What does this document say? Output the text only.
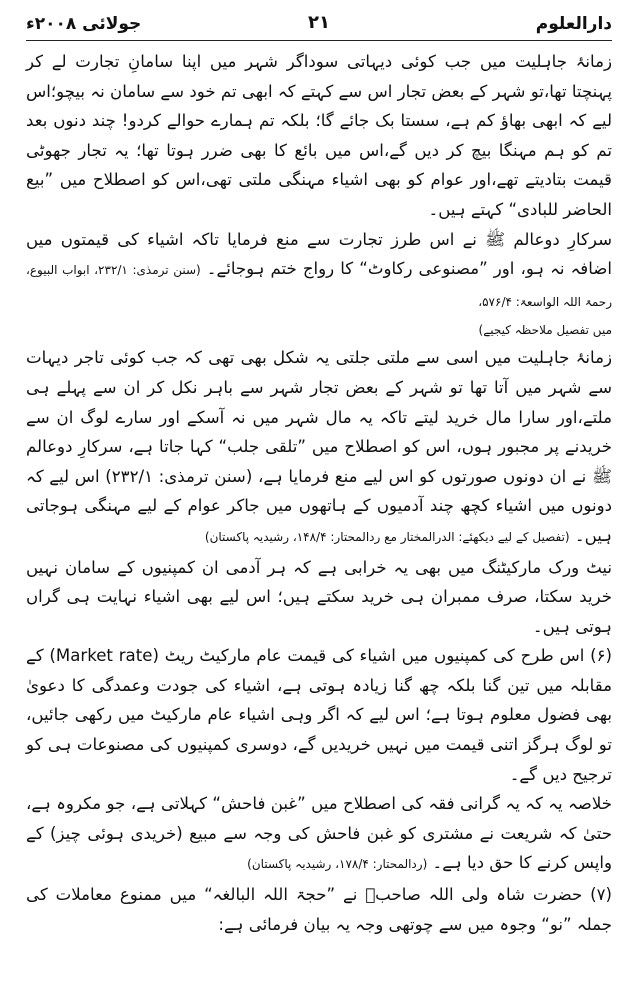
دارالعلوم
۲۱
جولائی ۲۰۰۸ء

زمانۂ جاہلیت میں جب کوئی دیہاتی سوداگر شہر میں اپنا سامانِ تجارت لے کر پہنچتا تھا،تو شہر کے بعض تجار اس سے کہتے کہ ابھی تم خود سے سامان نہ بیچو؛اس لیے کہ ابھی بھاؤ کم ہے، سستا بک جائے گا؛ بلکہ تم ہمارے حوالے کردو! چند دنوں بعد تم کو ہم مہنگا بیچ کر دیں گے،اس میں بائع کا بھی ضرر ہوتا تھا؛ یہ تجار جھوٹی قیمت بتادیتے تھے،اور عوام کو بھی اشیاء مہنگی ملتی تھی،اس کو اصطلاح میں ”بیع الحاضر للبادی“ کہتے ہیں۔

سرکارِ دوعالم ﷺ نے اس طرز تجارت سے منع فرمایا تاکہ اشیاء کی قیمتوں میں اضافہ نہ ہو، اور ”مصنوعی رکاوٹ“ کا رواج ختم ہوجائے۔ (سنن ترمذی: ۲۳۲/۱، ابواب البیوع، رحمۃ اللہ الواسعۃ: ۵۷۶/۴،

میں تفصیل ملاحظہ کیجیے)

زمانۂ جاہلیت میں اسی سے ملتی جلتی یہ شکل بھی تھی کہ جب کوئی تاجر دیہات سے شہر میں آتا تھا تو شہر کے بعض تجار شہر سے باہر نکل کر ان سے پہلے ہی ملتے،اور سارا مال خرید لیتے تاکہ یہ مال شہر میں نہ آسکے اور سارے لوگ ان سے خریدنے پر مجبور ہوں، اس کو اصطلاح میں ”تلقی جلب“ کہا جاتا ہے، سرکارِ دوعالم ﷺ نے ان دونوں صورتوں کو اس لیے منع فرمایا ہے، (سنن ترمذی: ۲۳۲/۱) اس لیے کہ دونوں میں اشیاء کچھ چند آدمیوں کے ہاتھوں میں جاکر عوام کے لیے مہنگی ہوجاتی ہیں۔ (تفصیل کے لیے دیکھئے: الدرالمختار مع ردالمحتار: ۱۴۸/۴، رشیدیہ پاکستان)

نیٹ ورک مارکیٹنگ میں بھی یہ خرابی ہے کہ ہر آدمی ان کمپنیوں کے سامان نہیں خرید سکتا، صرف ممبران ہی خرید سکتے ہیں؛ اس لیے بھی اشیاء نہایت ہی گراں ہوتی ہیں۔

(۶) اس طرح کی کمپنیوں میں اشیاء کی قیمت عام مارکیٹ ریٹ (Market rate) کے مقابلہ میں تین گنا بلکہ چھ گنا زیادہ ہوتی ہے، اشیاء کی جودت وعمدگی کا دعویٰ بھی فضول معلوم ہوتا ہے؛ اس لیے کہ اگر وہی اشیاء عام مارکیٹ میں رکھی جائیں، تو لوگ ہرگز اتنی قیمت میں نہیں خریدیں گے، دوسری کمپنیوں کی مصنوعات ہی کو ترجیح دیں گے۔

خلاصہ یہ کہ یہ گرانی فقہ کی اصطلاح میں ”غبن فاحش“ کہلاتی ہے، جو مکروہ ہے، حتیٰ کہ شریعت نے مشتری کو غبن فاحش کی وجہ سے مبیع (خریدی ہوئی چیز) کے واپس کرنے کا حق دیا ہے۔ (ردالمحتار: ۱۷۸/۴، رشیدیہ پاکستان)

(۷) حضرت شاہ ولی اللہ صاحبؒ نے ”حجۃ اللہ البالغہ“ میں ممنوع معاملات کی جملہ ”نو“ وجوہ میں سے چوتھی وجہ یہ بیان فرمائی ہے:
